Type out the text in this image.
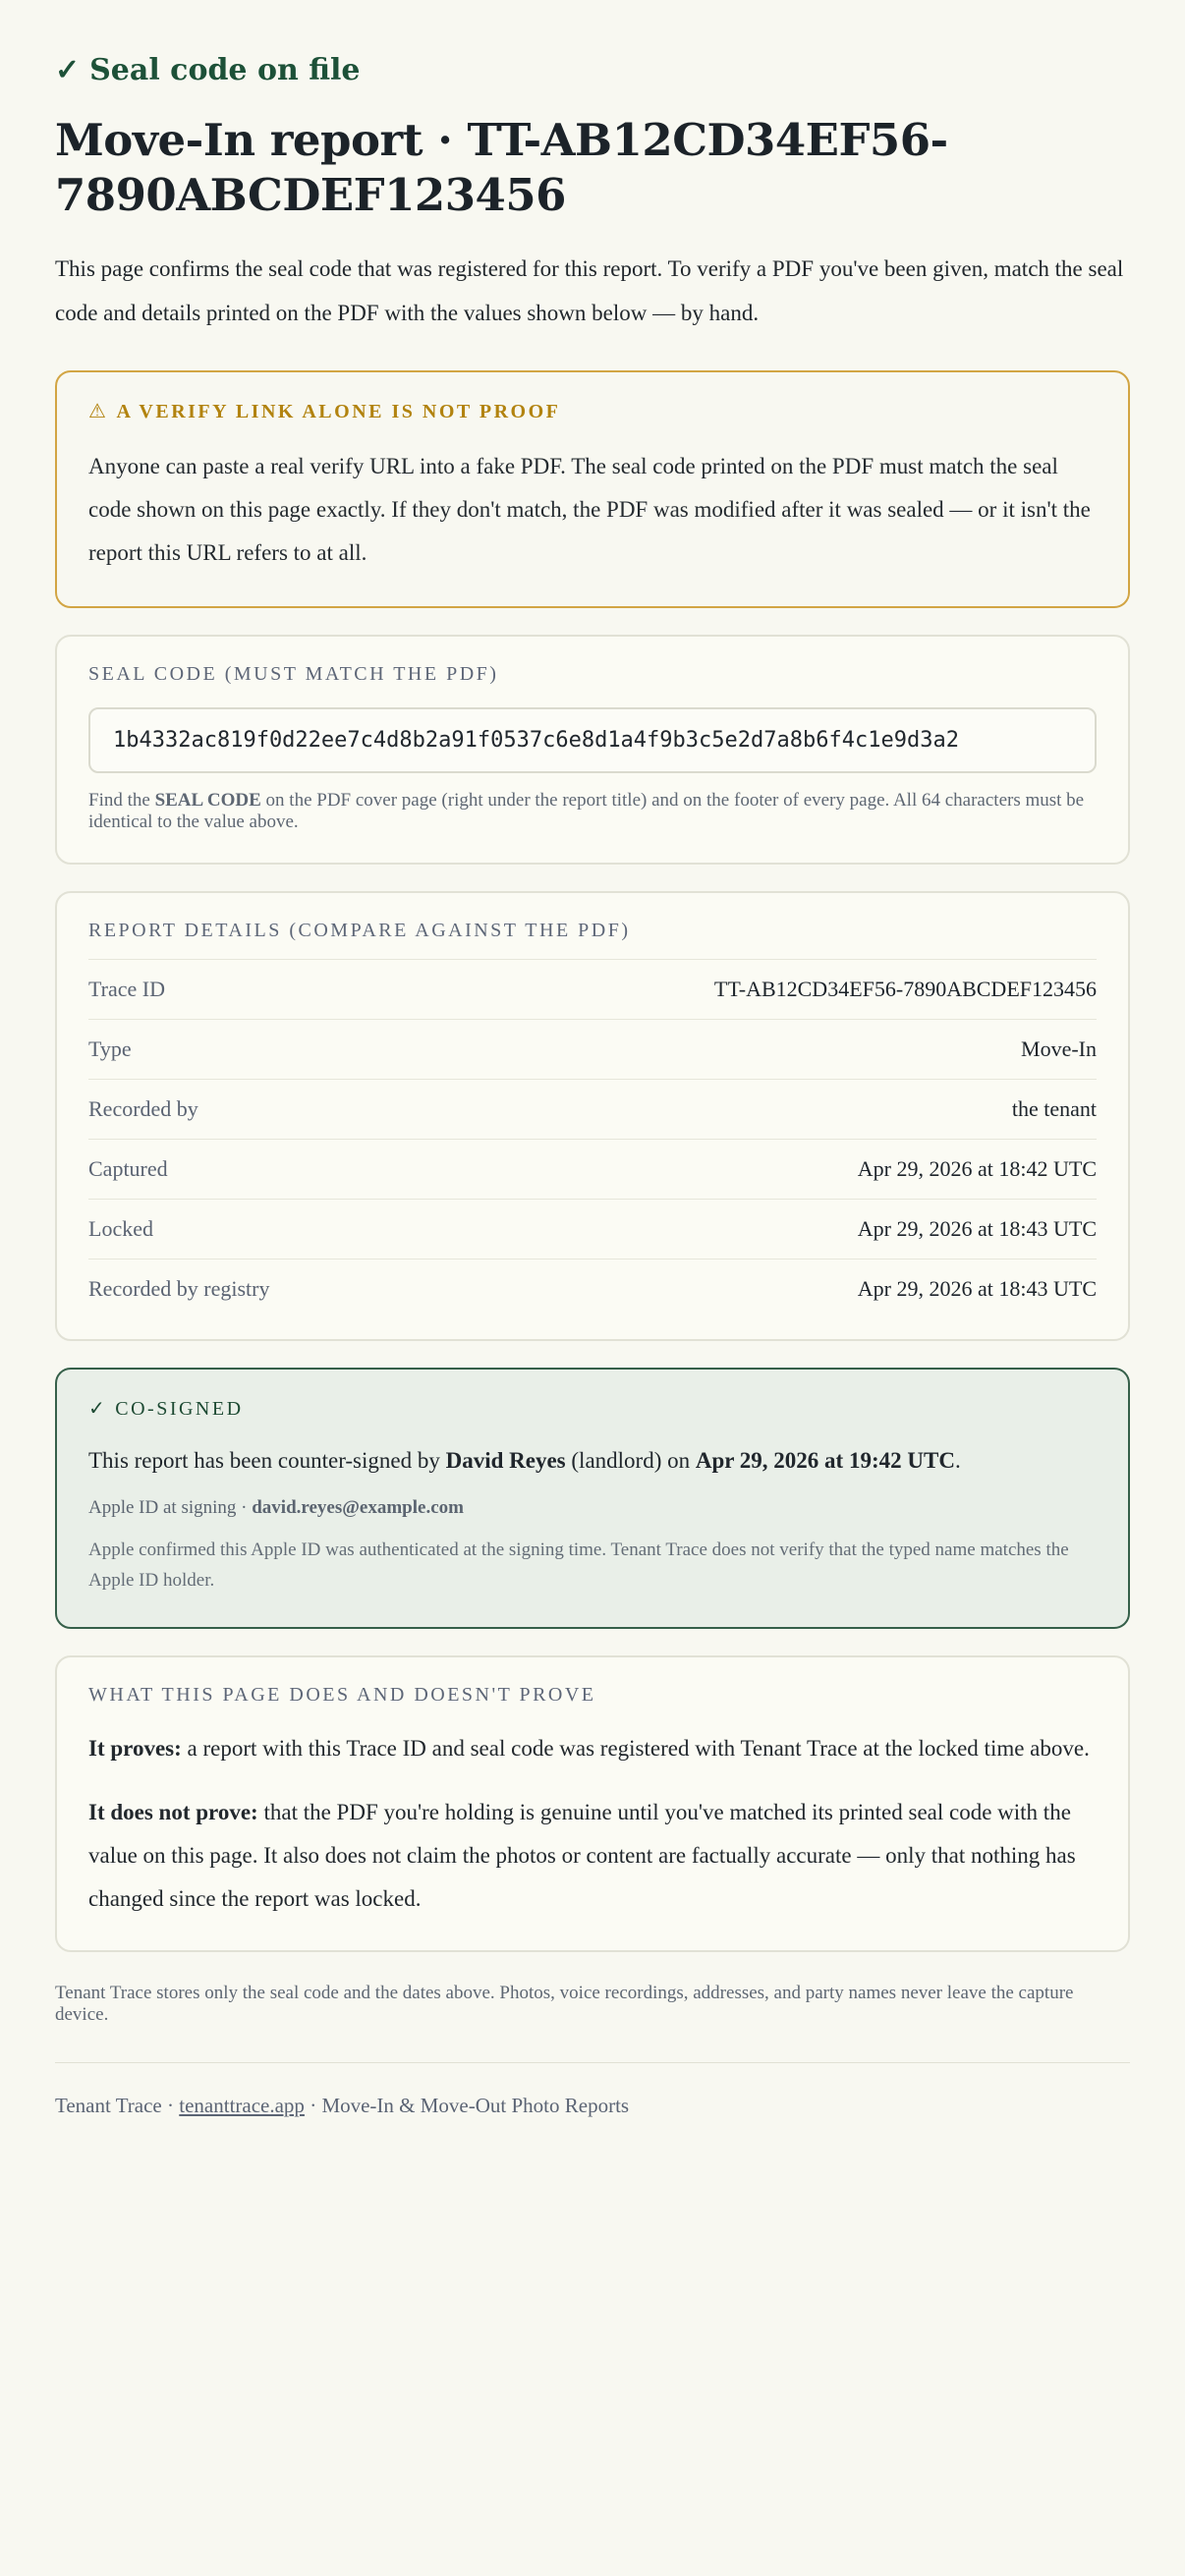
✓ Seal code on file
Move-In report · TT-AB12CD34EF56-7890ABCDEF123456

This page confirms the seal code that was registered for this report. To verify a PDF you've been given, match the seal code and details printed on the PDF with the values shown below — by hand.

⚠ A VERIFY LINK ALONE IS NOT PROOF
Anyone can paste a real verify URL into a fake PDF. The seal code printed on the PDF must match the seal code shown on this page exactly. If they don't match, the PDF was modified after it was sealed — or it isn't the report this URL refers to at all.
SEAL CODE (MUST MATCH THE PDF)
1b4332ac819f0d22ee7c4d8b2a91f0537c6e8d1a4f9b3c5e2d7a8b6f4c1e9d3a2
Find the SEAL CODE on the PDF cover page (right under the report title) and on the footer of every page. All 64 characters must be identical to the value above.
REPORT DETAILS (COMPARE AGAINST THE PDF)
Trace ID	TT-AB12CD34EF56-7890ABCDEF123456
Type	Move-In
Recorded by	the tenant
Captured	Apr 29, 2026 at 18:42 UTC
Locked	Apr 29, 2026 at 18:43 UTC
Recorded by registry	Apr 29, 2026 at 18:43 UTC
✓ CO-SIGNED
This report has been counter-signed by David Reyes (landlord) on Apr 29, 2026 at 19:42 UTC.
Apple ID at signing · david.reyes@example.com
Apple confirmed this Apple ID was authenticated at the signing time. Tenant Trace does not verify that the typed name matches the Apple ID holder.
WHAT THIS PAGE DOES AND DOESN'T PROVE

It proves: a report with this Trace ID and seal code was registered with Tenant Trace at the locked time above.

It does not prove: that the PDF you're holding is genuine until you've matched its printed seal code with the value on this page. It also does not claim the photos or content are factually accurate — only that nothing has changed since the report was locked.

Tenant Trace stores only the seal code and the dates above. Photos, voice recordings, addresses, and party names never leave the capture device.
Tenant Trace · tenanttrace.app · Move-In & Move-Out Photo Reports
